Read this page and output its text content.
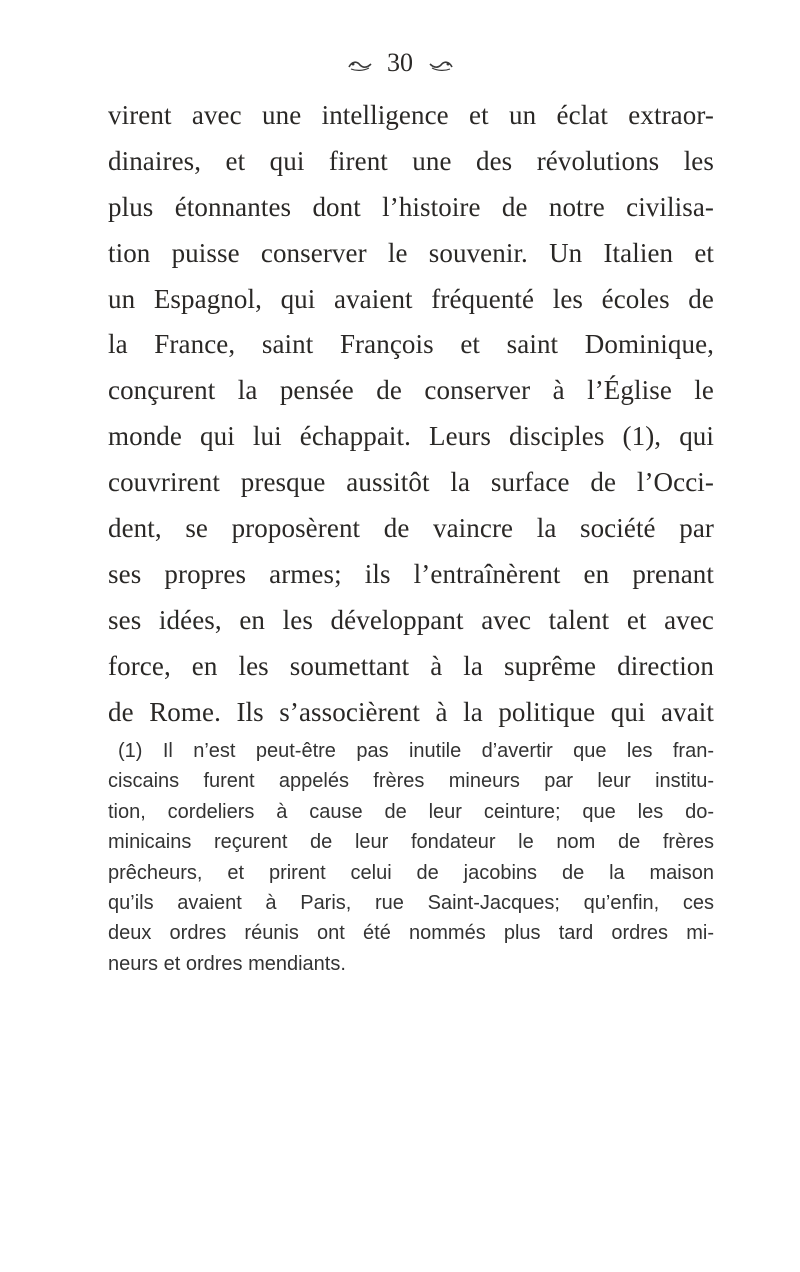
30
virent avec une intelligence et un éclat extraor-
dinaires, et qui firent une des révolutions les
plus étonnantes dont l’histoire de notre civilisa-
tion puisse conserver le souvenir. Un Italien et
un Espagnol, qui avaient fréquenté les écoles de
la France, saint François et saint Dominique,
conçurent la pensée de conserver à l’Église le
monde qui lui échappait. Leurs disciples (1), qui
couvrirent presque aussitôt la surface de l’Occi-
dent, se proposèrent de vaincre la société par
ses propres armes; ils l’entraînèrent en prenant
ses idées, en les développant avec talent et avec
force, en les soumettant à la suprême direction
de Rome. Ils s’associèrent à la politique qui avait
(1) Il n’est peut-être pas inutile d’avertir que les fran-
ciscains furent appelés frères mineurs par leur institu-
tion, cordeliers à cause de leur ceinture; que les do-
minicains reçurent de leur fondateur le nom de frères
prêcheurs, et prirent celui de jacobins de la maison
qu’ils avaient à Paris, rue Saint-Jacques; qu’enfin, ces
deux ordres réunis ont été nommés plus tard ordres mi-
neurs et ordres mendiants.
